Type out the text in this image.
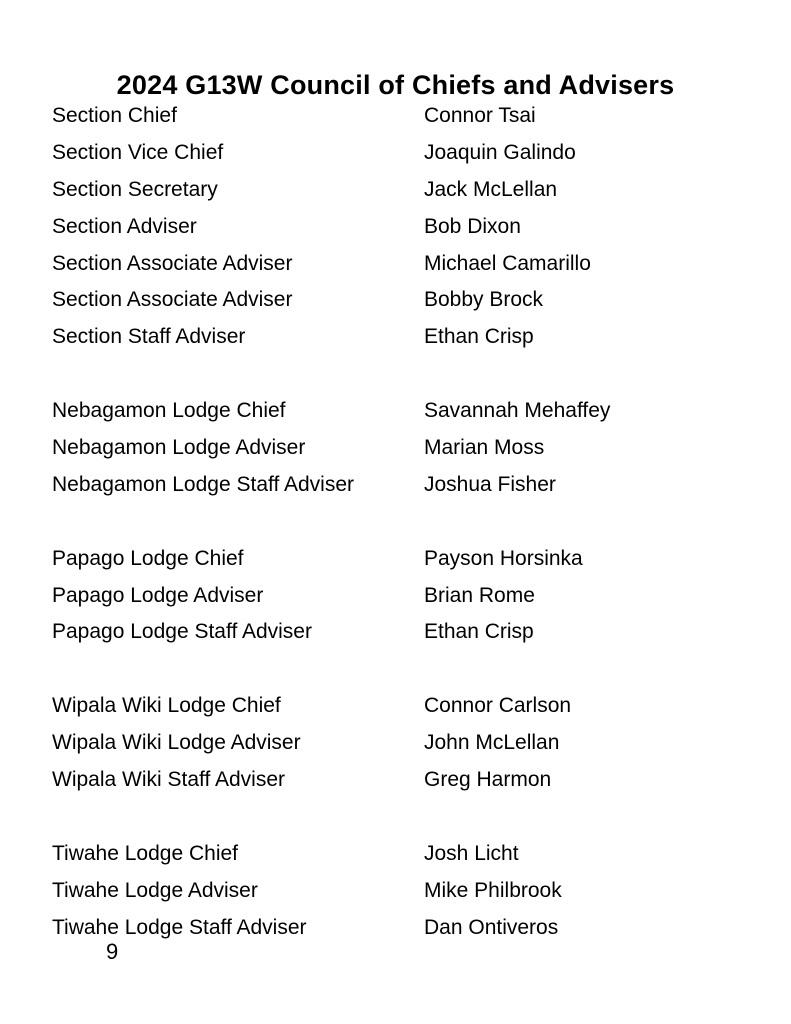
2024 G13W Council of Chiefs and Advisers
Section Chief	Connor Tsai
Section Vice Chief	Joaquin Galindo
Section Secretary	Jack McLellan
Section Adviser	Bob Dixon
Section Associate Adviser	Michael Camarillo
Section Associate Adviser	Bobby Brock
Section Staff Adviser	Ethan Crisp
Nebagamon Lodge Chief	Savannah Mehaffey
Nebagamon Lodge Adviser	Marian Moss
Nebagamon Lodge Staff Adviser	Joshua Fisher
Papago Lodge Chief	Payson Horsinka
Papago Lodge Adviser	Brian Rome
Papago Lodge Staff Adviser	Ethan Crisp
Wipala Wiki Lodge Chief	Connor Carlson
Wipala Wiki Lodge Adviser	John McLellan
Wipala Wiki Staff Adviser	Greg Harmon
Tiwahe Lodge Chief	Josh Licht
Tiwahe Lodge Adviser	Mike Philbrook
Tiwahe Lodge Staff Adviser	Dan Ontiveros
9
